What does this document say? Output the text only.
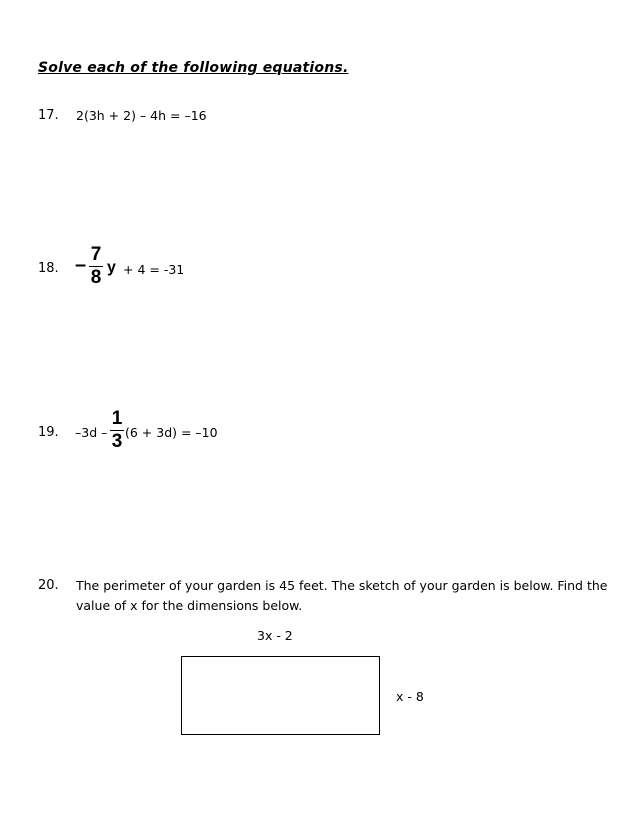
Solve each of the following equations.
17. 2(3h + 2) – 4h = –16
18. – 7
8 y + 4 = -31
19. –3d –
1
3 (6 + 3d) = –10
20. The perimeter of your garden is 45 feet. The sketch of your garden is below. Find the
value of x for the dimensions below.
3x - 2
x - 8
